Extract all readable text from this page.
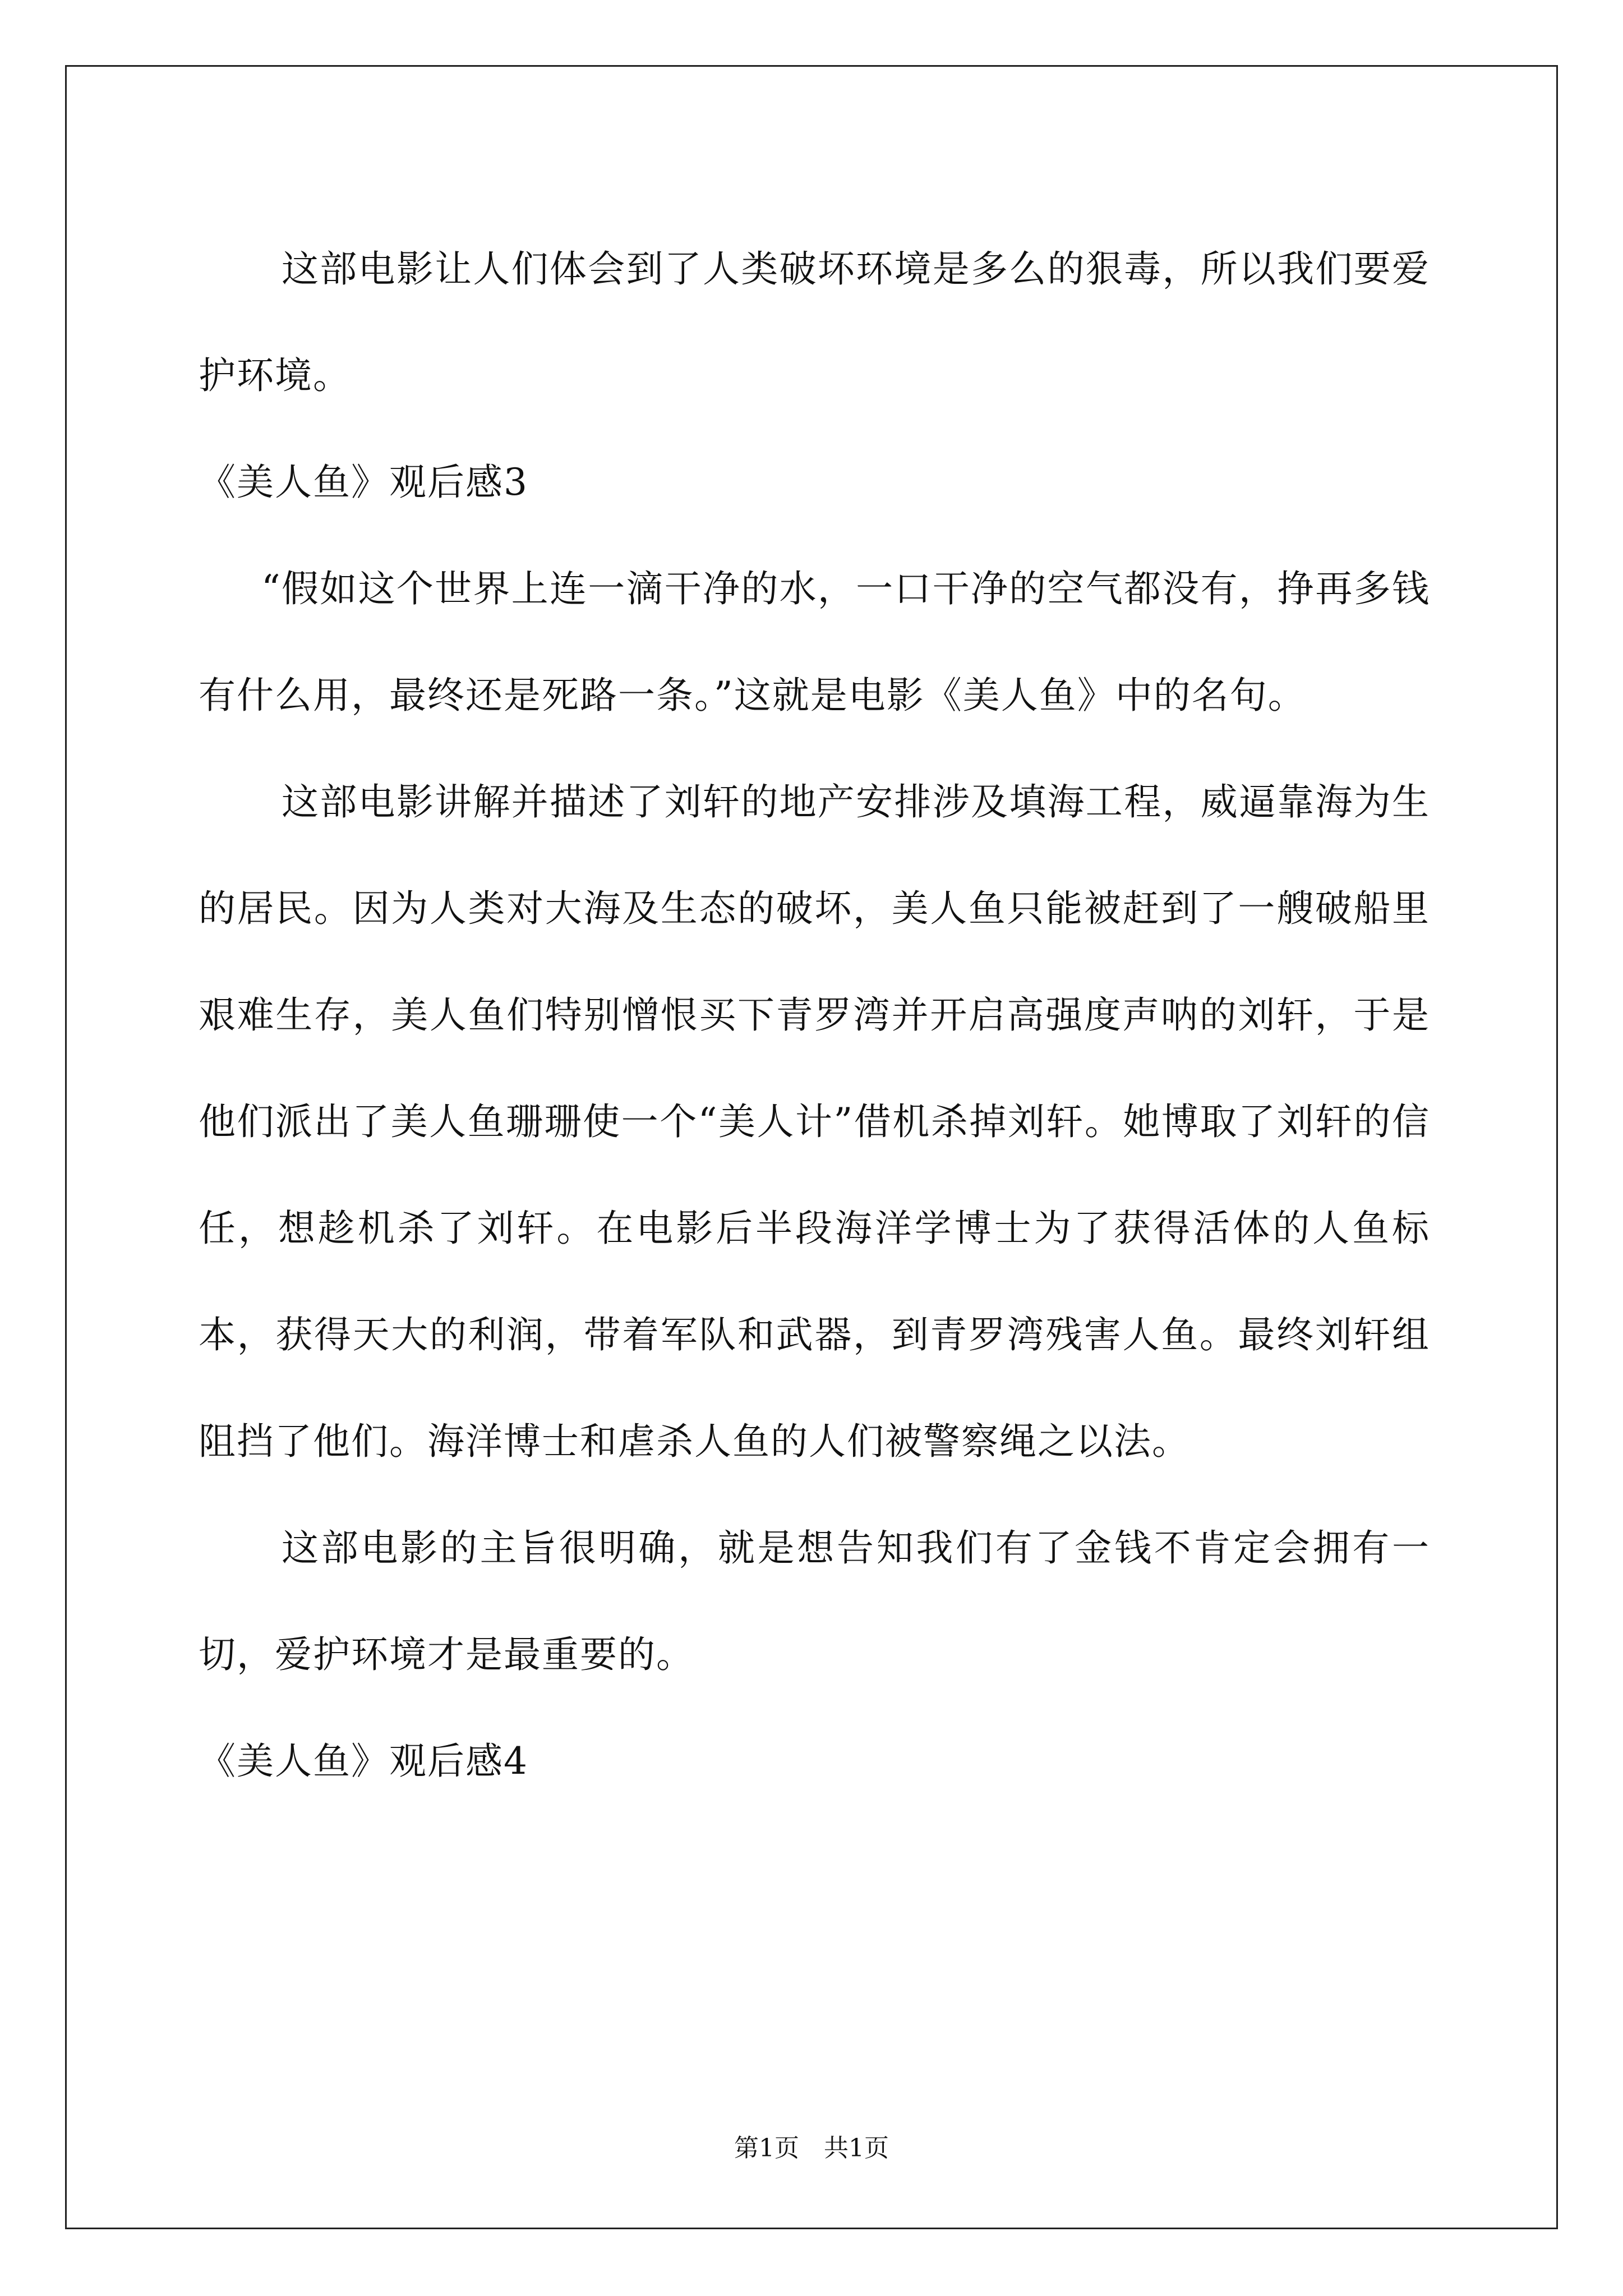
这部电影让人们体会到了人类破坏环境是多么的狠毒，所以我们要爱护环境。

《美人鱼》观后感3

“假如这个世界上连一滴干净的水，一口干净的空气都没有，挣再多钱有什么用，最终还是死路一条。”这就是电影《美人鱼》中的名句。

这部电影讲解并描述了刘轩的地产安排涉及填海工程，威逼靠海为生的居民。因为人类对大海及生态的破坏，美人鱼只能被赶到了一艘破船里艰难生存，美人鱼们特别憎恨买下青罗湾并开启高强度声呐的刘轩，于是他们派出了美人鱼珊珊使一个“美人计”借机杀掉刘轩。她博取了刘轩的信任，想趁机杀了刘轩。在电影后半段海洋学博士为了获得活体的人鱼标本，获得天大的利润，带着军队和武器，到青罗湾残害人鱼。最终刘轩组阻挡了他们。海洋博士和虐杀人鱼的人们被警察绳之以法。

这部电影的主旨很明确，就是想告知我们有了金钱不肯定会拥有一切，爱护环境才是最重要的。

《美人鱼》观后感4

第1页　共1页
